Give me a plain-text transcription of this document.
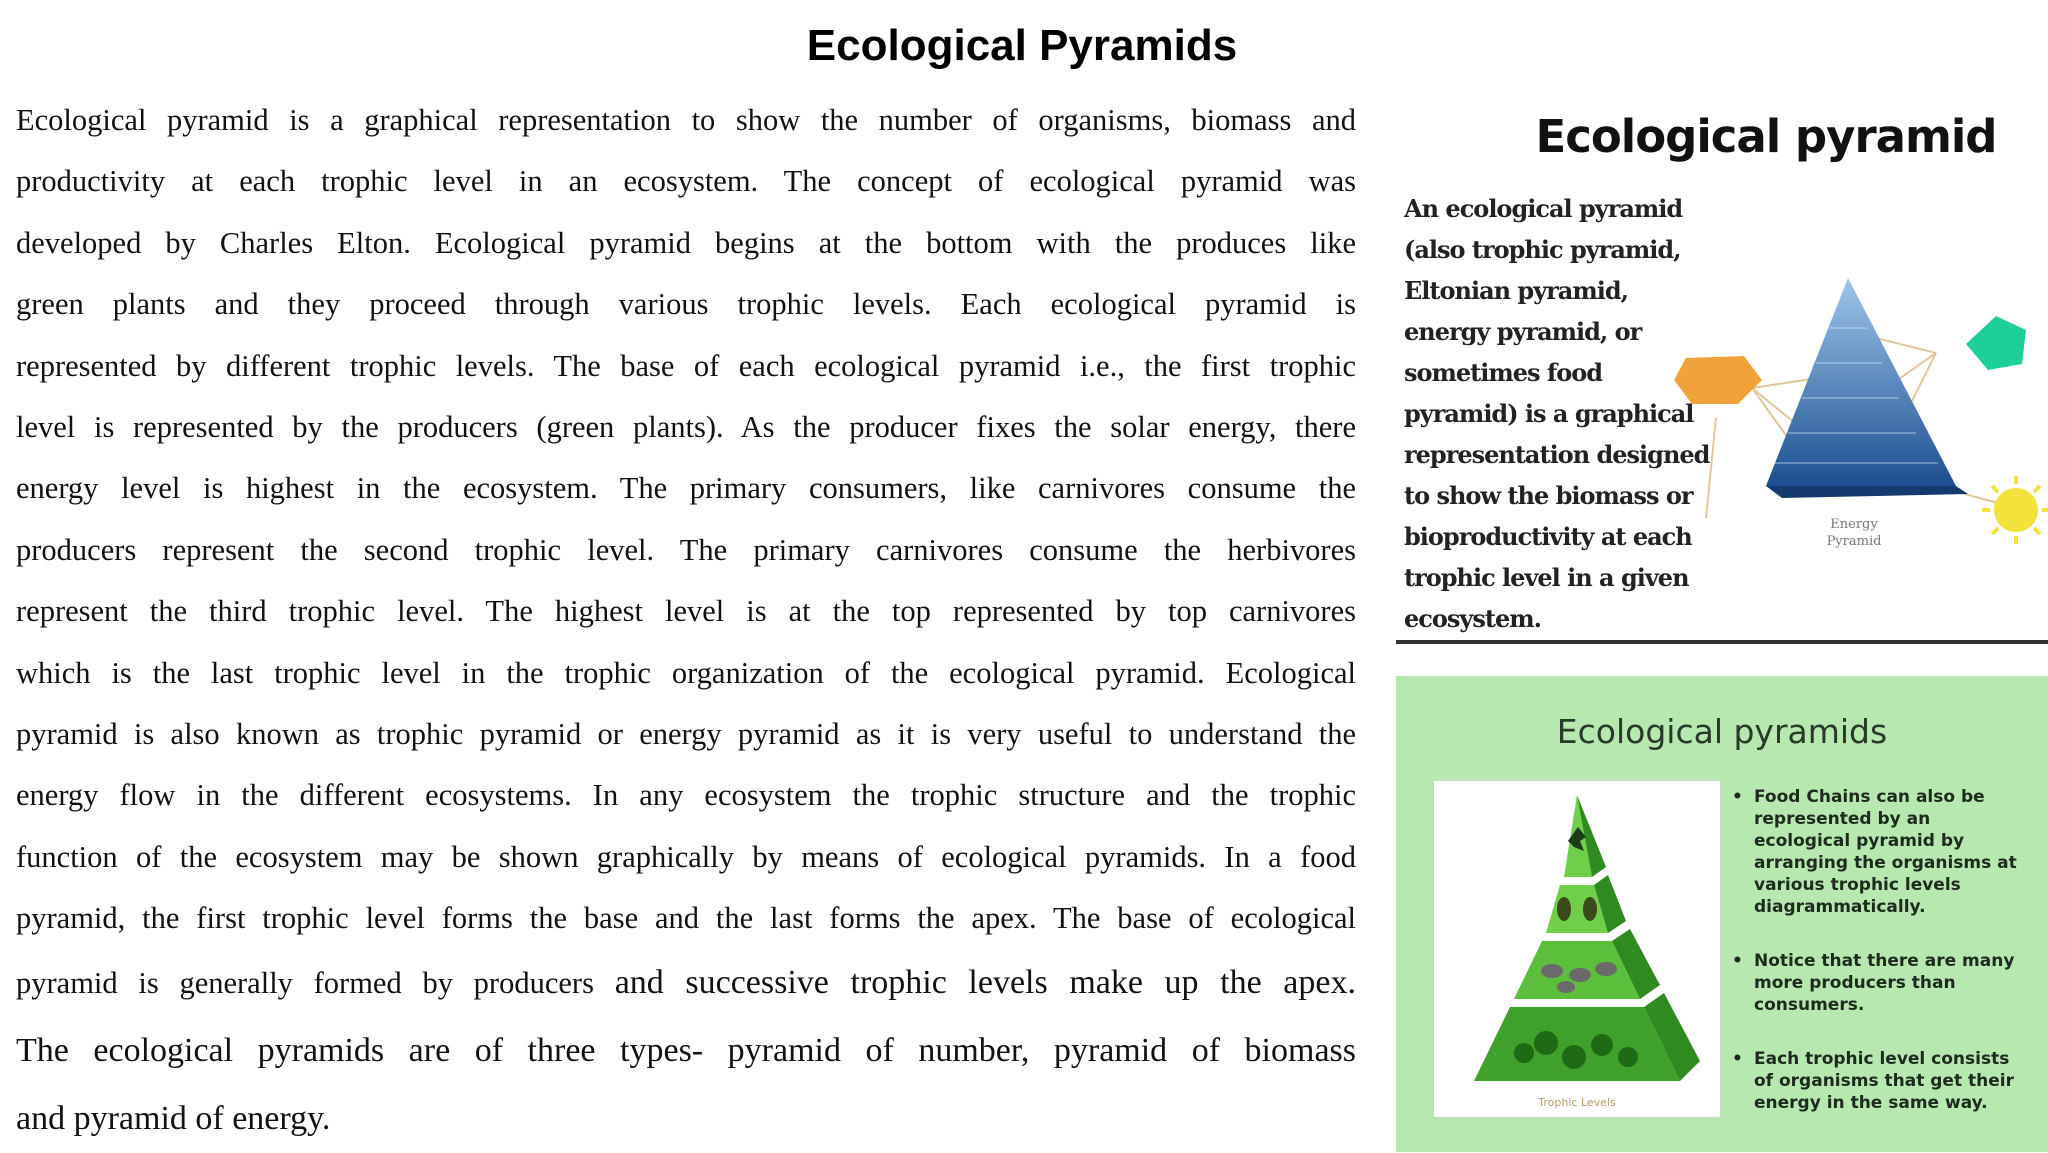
Ecological Pyramids
Ecological pyramid is a graphical representation to show the number of organisms, biomass and
productivity at each trophic level in an ecosystem. The concept of ecological pyramid was
developed by Charles Elton. Ecological pyramid begins at the bottom with the produces like
green plants and they proceed through various trophic levels. Each ecological pyramid is
represented by different trophic levels. The base of each ecological pyramid i.e., the first trophic
level is represented by the producers (green plants). As the producer fixes the solar energy, there
energy level is highest in the ecosystem. The primary consumers, like carnivores consume the
producers represent the second trophic level. The primary carnivores consume the herbivores
represent the third trophic level. The highest level is at the top represented by top carnivores
which is the last trophic level in the trophic organization of the ecological pyramid. Ecological
pyramid is also known as trophic pyramid or energy pyramid as it is very useful to understand the
energy flow in the different ecosystems. In any ecosystem the trophic structure and the trophic
function of the ecosystem may be shown graphically by means of ecological pyramids. In a food
pyramid, the first trophic level forms the base and the last forms the apex. The base of ecological
pyramid is generally formed by producers and successive trophic levels make up the apex.
The ecological pyramids are of three types- pyramid of number, pyramid of biomass
and pyramid of energy.
Ecological pyramid
An ecological pyramid
(also trophic pyramid,
Eltonian pyramid,
energy pyramid, or
sometimes food
pyramid) is a graphical
representation designed
to show the biomass or
bioproductivity at each
trophic level in a given
ecosystem.
Energy
Pyramid
Ecological pyramids
Trophic Levels
• Food Chains can also be represented by an ecological pyramid by arranging the organisms at various trophic levels diagrammatically.
• Notice that there are many more producers than consumers.
• Each trophic level consists of organisms that get their energy in the same way.
